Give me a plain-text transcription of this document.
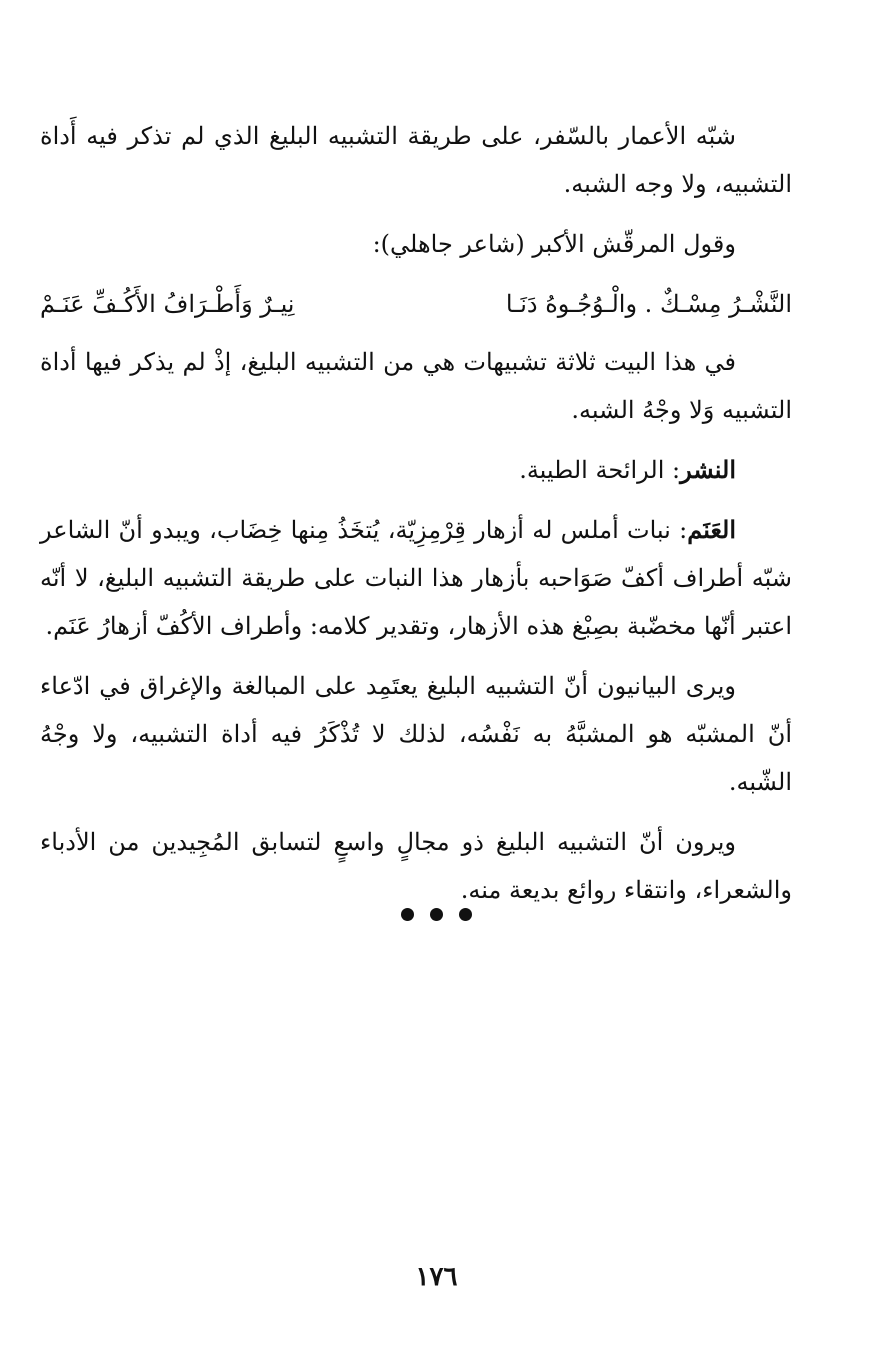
شبّه الأعمار بالسّفر، على طريقة التشبيه البليغ الذي لم تذكر فيه أَداة التشبيه، ولا وجه الشبه.

وقول المرقّش الأكبر (شاعر جاهلي):

النَّشْـرُ مِسْـكٌ . والْـوُجُـوهُ دَنَـا
نِيـرٌ وَأَطْـرَافُ الأَكُـفِّ عَنَـمْ

في هذا البيت ثلاثة تشبيهات هي من التشبيه البليغ، إذْ لم يذكر فيها أداة التشبيه وَلا وجْهُ الشبه.

النشر: الرائحة الطيبة.

العَنَم: نبات أملس له أزهار قِرْمِزِيّة، يُتخَذُ مِنها خِضَاب، ويبدو أنّ الشاعر شبّه أطراف أكفّ صَوَاحبه بأزهار هذا النبات على طريقة التشبيه البليغ، لا أنّه اعتبر أنّها مخضّبة بصِبْغ هذه الأزهار، وتقدير كلامه: وأطراف الأكُفّ أزهارُ عَنَم.

ويرى البيانيون أنّ التشبيه البليغ يعتَمِد على المبالغة والإغراق في ادّعاء أنّ المشبّه هو المشبَّهُ به نَفْسُه، لذلك لا تُذْكَرُ فيه أداة التشبيه، ولا وجْهُ الشّبه.

ويرون أنّ التشبيه البليغ ذو مجالٍ واسعٍ لتسابق المُجِيدين من الأدباء والشعراء، وانتقاء روائع بديعة منه.

١٧٦
